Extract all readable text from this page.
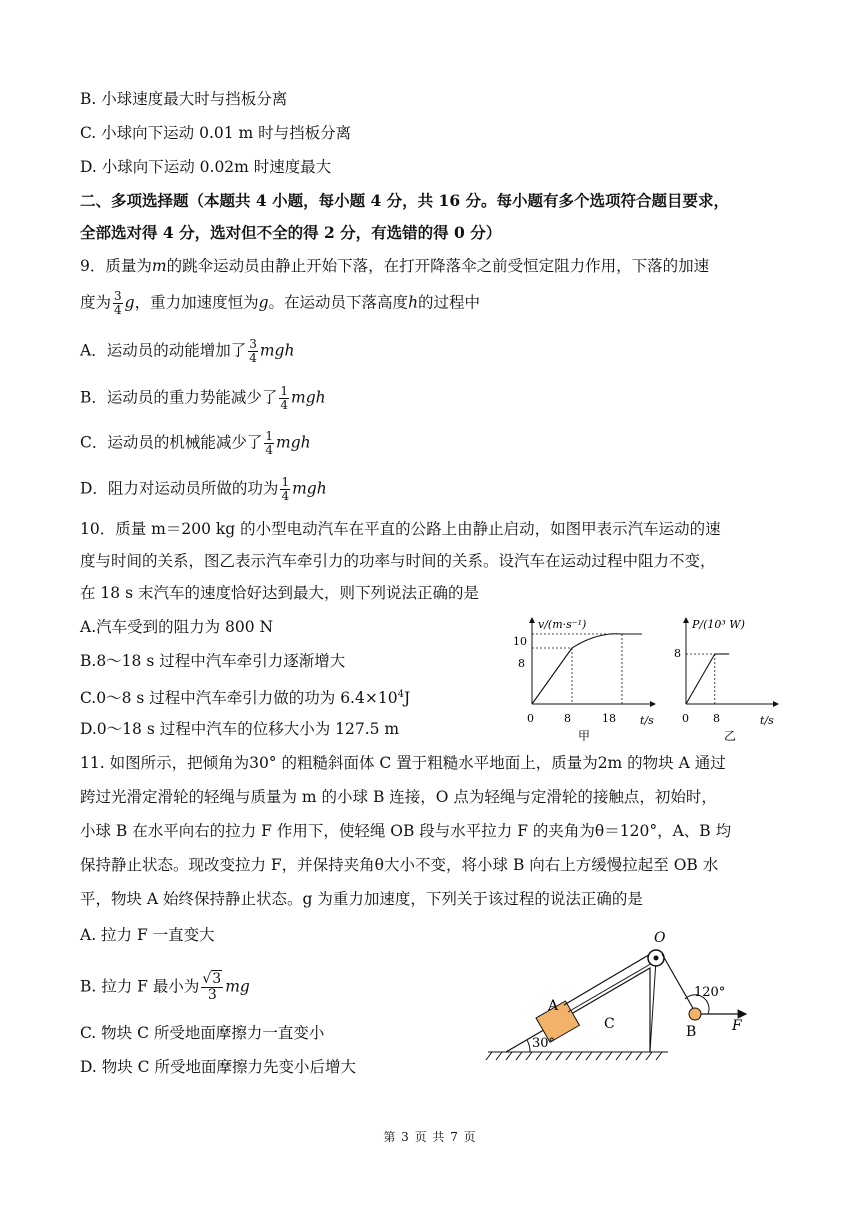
B. 小球速度最大时与挡板分离
C. 小球向下运动 0.01 m 时与挡板分离
D. 小球向下运动 0.02m 时速度最大
二、多项选择题（本题共 4 小题，每小题 4 分，共 16 分。每小题有多个选项符合题目要求，
全部选对得 4 分，选对但不全的得 2 分，有选错的得 0 分）
9．质量为m的跳伞运动员由静止开始下落，在打开降落伞之前受恒定阻力作用，下落的加速
度为 $\frac{3}{4}$ g，重力加速度恒为g。在运动员下落高度h的过程中
A．运动员的动能增加了 $\frac{3}{4}$ mgh
B．运动员的重力势能减少了 $\frac{1}{4}$ mgh
C．运动员的机械能减少了 $\frac{1}{4}$ mgh
D．阻力对运动员所做的功为 $\frac{1}{4}$ mgh
10．质量 m＝200 kg 的小型电动汽车在平直的公路上由静止启动，如图甲表示汽车运动的速
度与时间的关系，图乙表示汽车牵引力的功率与时间的关系。设汽车在运动过程中阻力不变，
在 18 s 末汽车的速度恰好达到最大，则下列说法正确的是
A.汽车受到的阻力为 800 N
B.8～18 s 过程中汽车牵引力逐渐增大
C.0～8 s 过程中汽车牵引力做的功为 $6.4\times 10^4J$
D.0～18 s 过程中汽车的位移大小为 127.5 m
v/(m·s⁻¹)
t/s
10
8
0	8	18
甲
P/(10³ W)
t/s
8
0 8
乙
11. 如图所示，把倾角为30° 的粗糙斜面体 C 置于粗糙水平地面上，质量为2m 的物块 A 通过
跨过光滑定滑轮的轻绳与质量为 m 的小球 B 连接，O 点为轻绳与定滑轮的接触点，初始时，
小球 B 在水平向右的拉力 F 作用下，使轻绳 OB 段与水平拉力 F 的夹角为θ＝120°，A、B 均
保持静止状态。现改变拉力 F，并保持夹角θ大小不变，将小球 B 向右上方缓慢拉起至 OB 水
平，物块 A 始终保持静止状态。g 为重力加速度，下列关于该过程的说法正确的是
A. 拉力 F 一直变大
B. 拉力 F 最小为 $\frac{√3}{3}$ mg
C. 物块 C 所受地面摩擦力一直变小
D. 物块 C 所受地面摩擦力先变小后增大
O
A
C	B	F
120°
30°
第 3 页 共 7 页
